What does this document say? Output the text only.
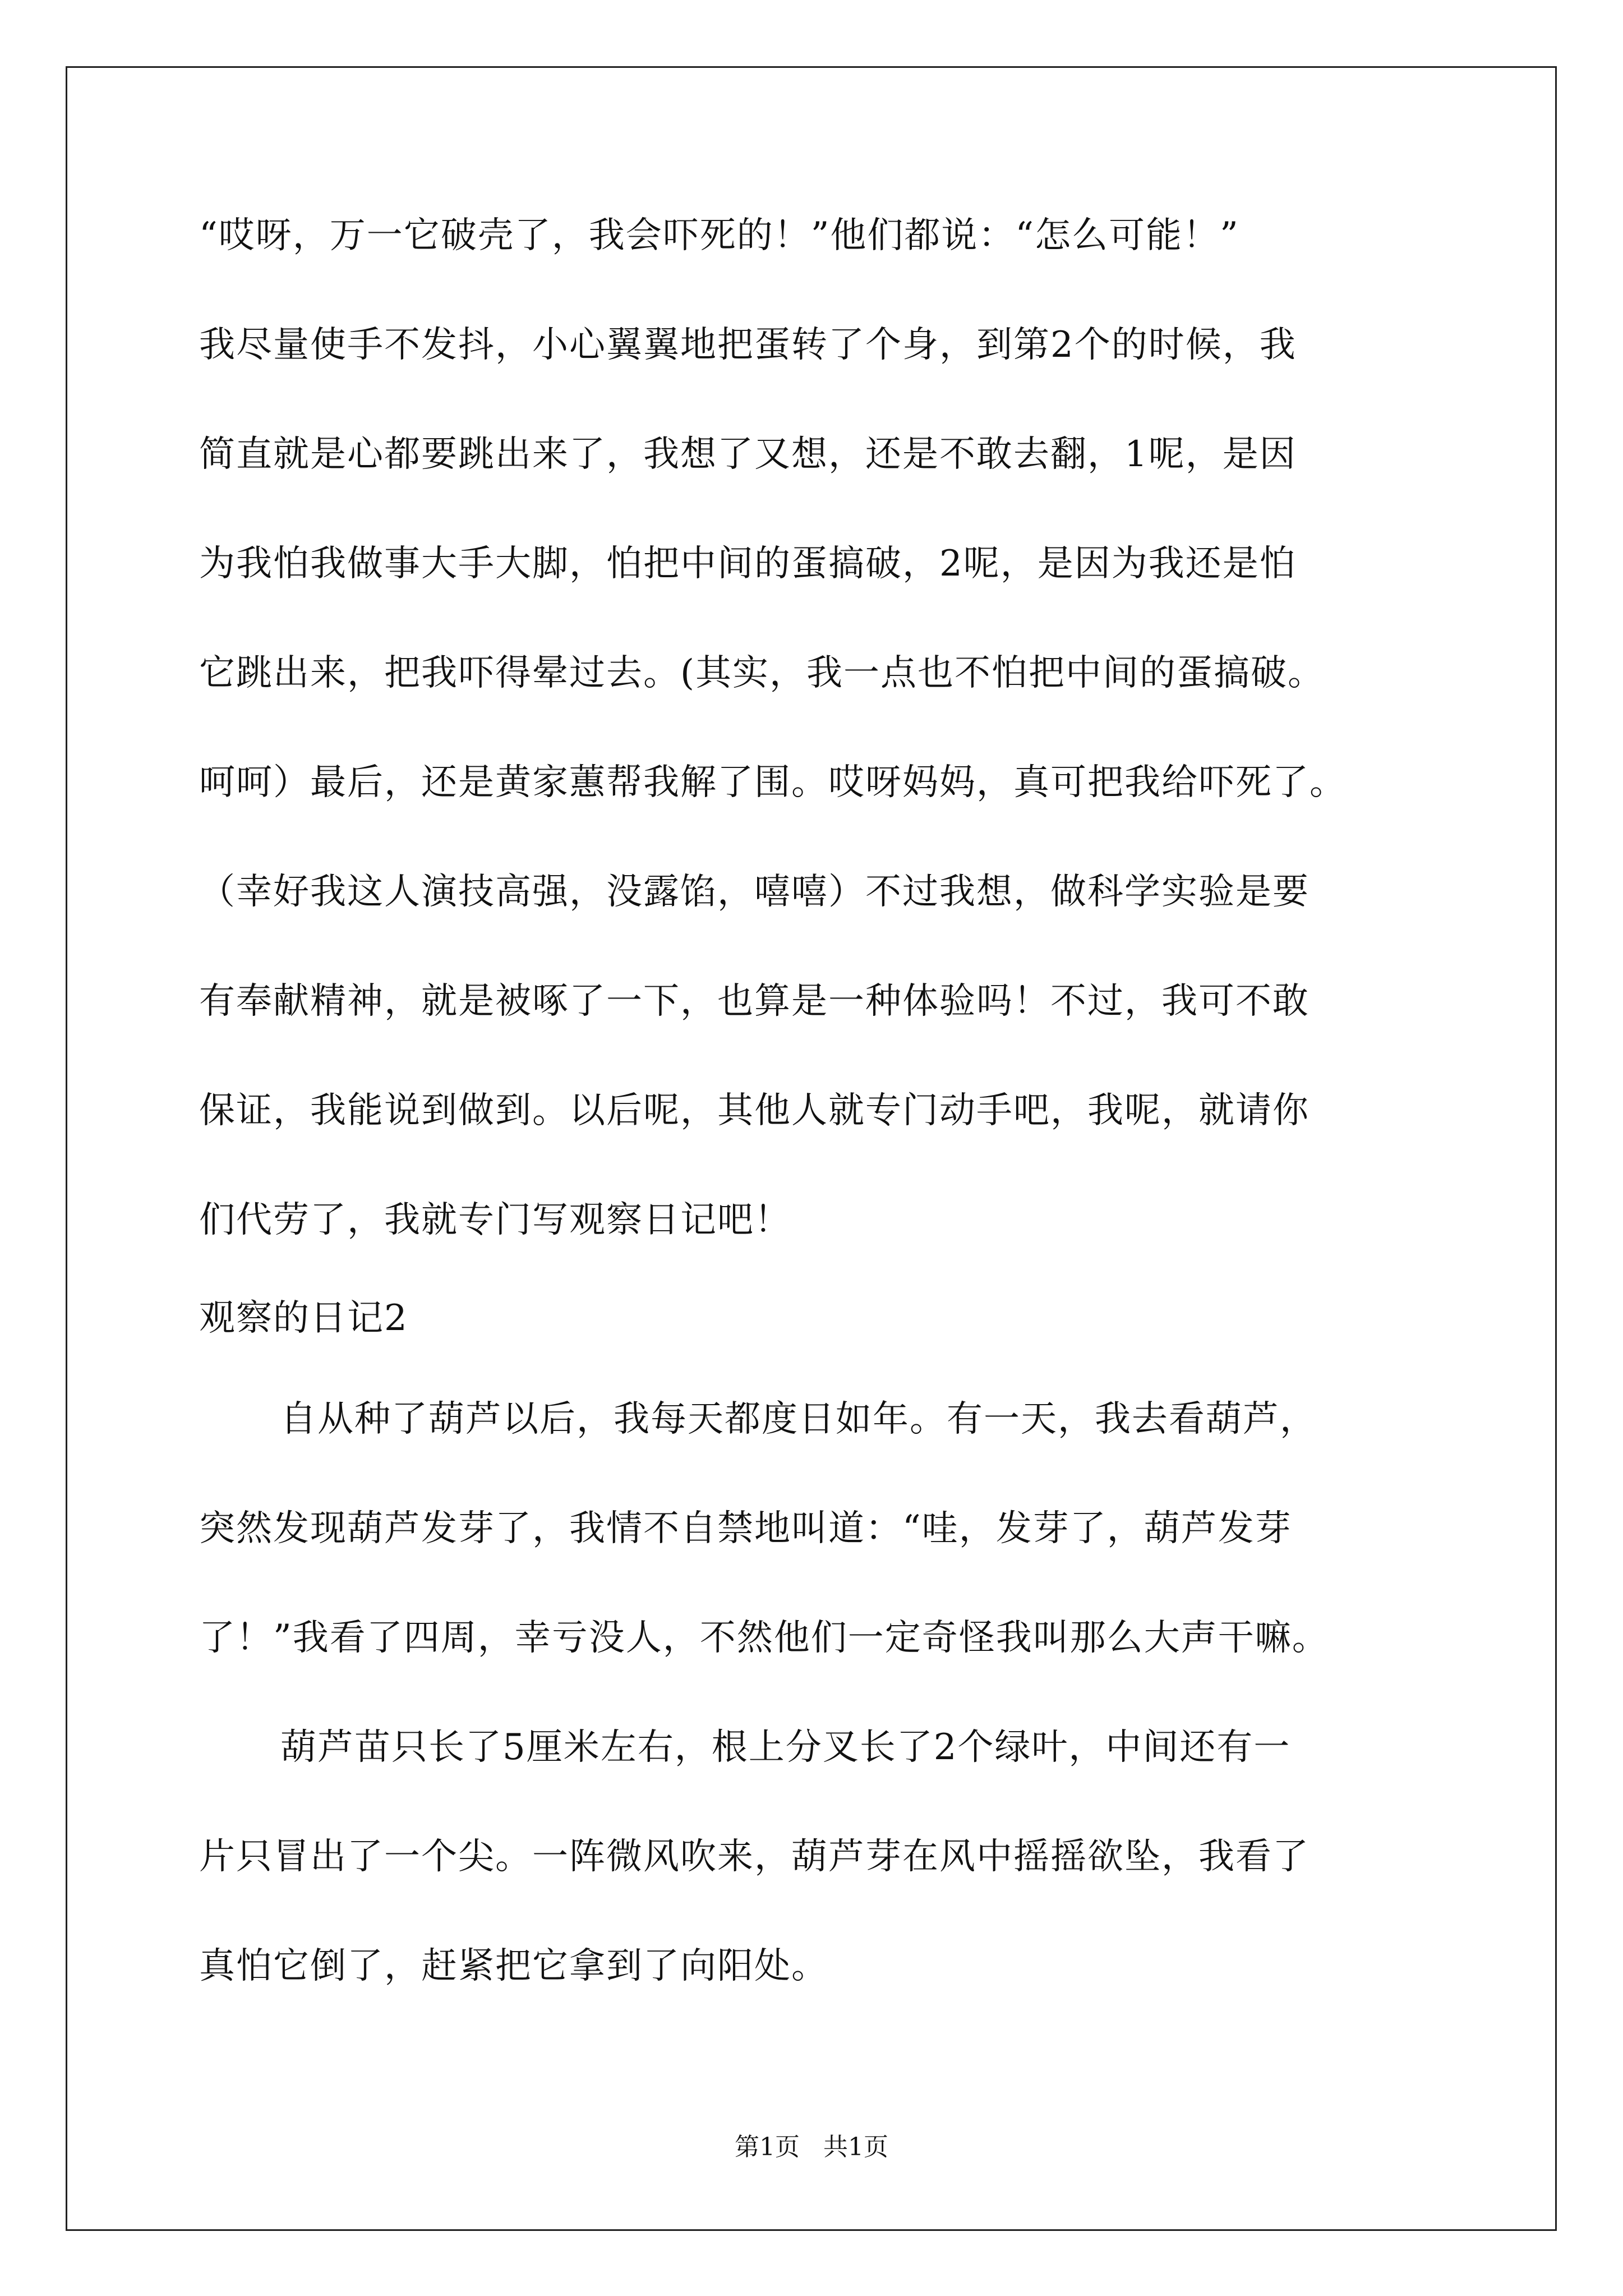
“哎呀，万一它破壳了，我会吓死的！”他们都说：“怎么可能！”
我尽量使手不发抖，小心翼翼地把蛋转了个身，到第2个的时候，我
简直就是心都要跳出来了，我想了又想，还是不敢去翻，1呢，是因
为我怕我做事大手大脚，怕把中间的蛋搞破，2呢，是因为我还是怕
它跳出来，把我吓得晕过去。(其实，我一点也不怕把中间的蛋搞破。
呵呵）最后，还是黄家蕙帮我解了围。哎呀妈妈，真可把我给吓死了。
（幸好我这人演技高强，没露馅，嘻嘻）不过我想，做科学实验是要
有奉献精神，就是被啄了一下，也算是一种体验吗！不过，我可不敢
保证，我能说到做到。以后呢，其他人就专门动手吧，我呢，就请你
们代劳了，我就专门写观察日记吧！
观察的日记2
自从种了葫芦以后，我每天都度日如年。有一天，我去看葫芦，
突然发现葫芦发芽了，我情不自禁地叫道：“哇，发芽了，葫芦发芽
了！”我看了四周，幸亏没人，不然他们一定奇怪我叫那么大声干嘛。
葫芦苗只长了5厘米左右，根上分叉长了2个绿叶，中间还有一
片只冒出了一个尖。一阵微风吹来，葫芦芽在风中摇摇欲坠，我看了
真怕它倒了，赶紧把它拿到了向阳处。
第1页   共1页
